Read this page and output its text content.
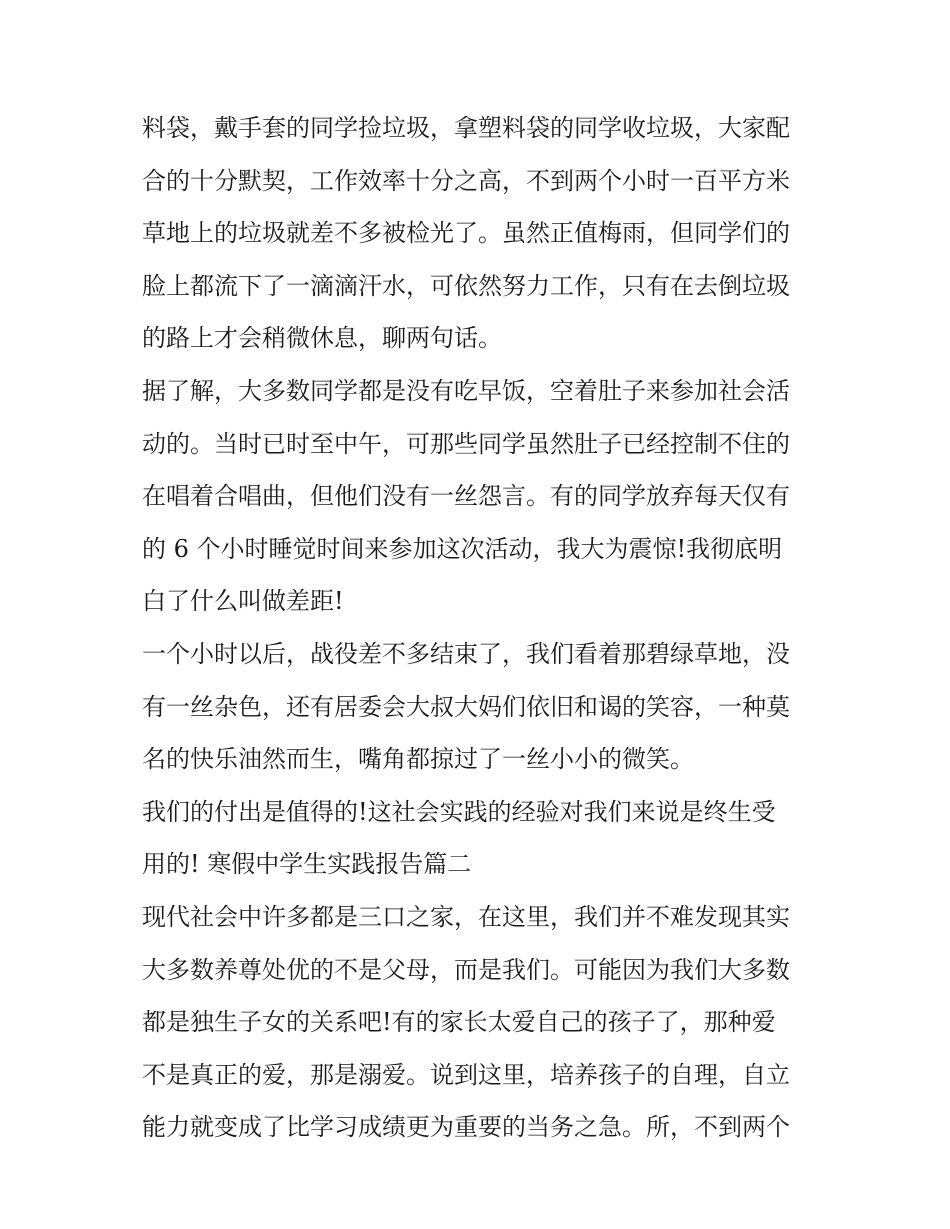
料袋，戴手套的同学捡垃圾，拿塑料袋的同学收垃圾，大家配
合的十分默契，工作效率十分之高，不到两个小时一百平方米
草地上的垃圾就差不多被检光了。虽然正值梅雨，但同学们的
脸上都流下了一滴滴汗水，可依然努力工作，只有在去倒垃圾
的路上才会稍微休息，聊两句话。
据了解，大多数同学都是没有吃早饭，空着肚子来参加社会活
动的。当时已时至中午，可那些同学虽然肚子已经控制不住的
在唱着合唱曲，但他们没有一丝怨言。有的同学放弃每天仅有
的 6 个小时睡觉时间来参加这次活动，我大为震惊!我彻底明
白了什么叫做差距!
一个小时以后，战役差不多结束了，我们看着那碧绿草地，没
有一丝杂色，还有居委会大叔大妈们依旧和谒的笑容，一种莫
名的快乐油然而生，嘴角都掠过了一丝小小的微笑。
我们的付出是值得的!这社会实践的经验对我们来说是终生受
用的! 寒假中学生实践报告篇二
现代社会中许多都是三口之家，在这里，我们并不难发现其实
大多数养尊处优的不是父母，而是我们。可能因为我们大多数
都是独生子女的关系吧!有的家长太爱自己的孩子了，那种爱
不是真正的爱，那是溺爱。说到这里，培养孩子的自理，自立
能力就变成了比学习成绩更为重要的当务之急。所，不到两个
